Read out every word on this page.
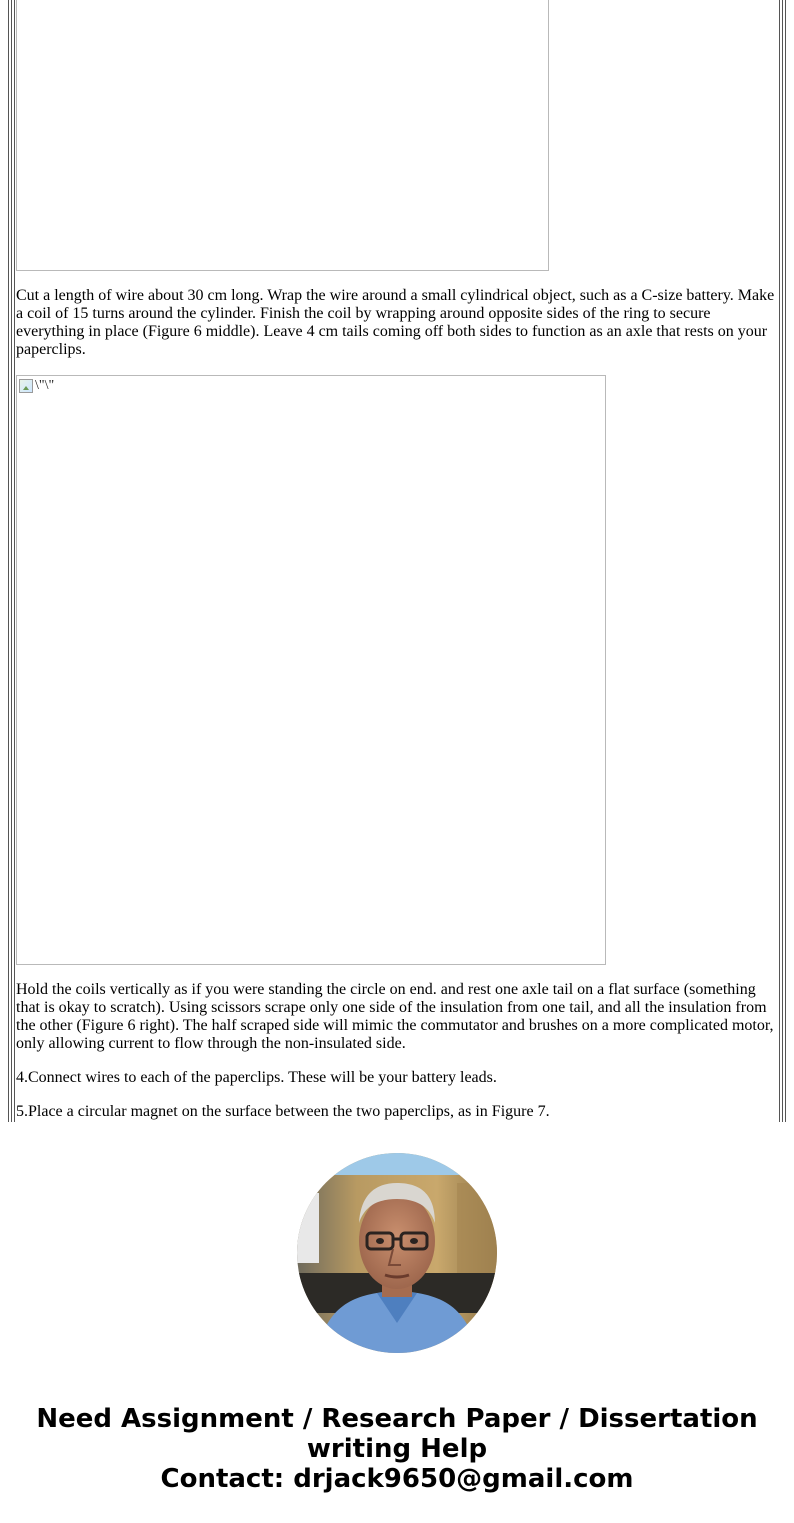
Cut a length of wire about 30 cm long. Wrap the wire around a small cylindrical object, such as a C-size battery. Make a coil of 15 turns around the cylinder. Finish the coil by wrapping around opposite sides of the ring to secure everything in place (Figure 6 middle). Leave 4 cm tails coming off both sides to function as an axle that rests on your paperclips.

\"\"

Hold the coils vertically as if you were standing the circle on end. and rest one axle tail on a flat surface (something that is okay to scratch). Using scissors scrape only one side of the insulation from one tail, and all the insulation from the other (Figure 6 right). The half scraped side will mimic the commutator and brushes on a more complicated motor, only allowing current to flow through the non-insulated side.

4.Connect wires to each of the paperclips. These will be your battery leads.

5.Place a circular magnet on the surface between the two paperclips, as in Figure 7.

Need Assignment / Research Paper / Dissertation
writing Help
Contact: drjack9650@gmail.com
